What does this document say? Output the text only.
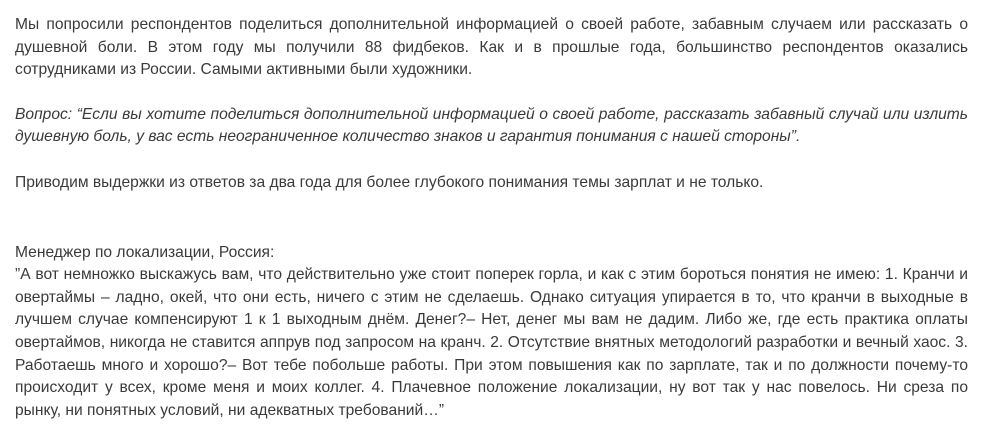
Мы попросили респондентов поделиться дополнительной информацией о своей работе, забавным случаем или рассказать о душевной боли. В этом году мы получили 88 фидбеков. Как и в прошлые года, большинство респондентов оказались сотрудниками из России. Самыми активными были художники.

Вопрос: “Если вы хотите поделиться дополнительной информацией о своей работе, рассказать забавный случай или излить душевную боль, у вас есть неограниченное количество знаков и гарантия понимания с нашей стороны”.

Приводим выдержки из ответов за два года для более глубокого понимания темы зарплат и не только.

Менеджер по локализации, Россия:

”А вот немножко выскажусь вам, что действительно уже стоит поперек горла, и как с этим бороться понятия не имею: 1. Кранчи и овертаймы – ладно, окей, что они есть, ничего с этим не сделаешь. Однако ситуация упирается в то, что кранчи в выходные в лучшем случае компенсируют 1 к 1 выходным днём. Денег?– Нет, денег мы вам не дадим. Либо же, где есть практика оплаты овертаймов, никогда не ставится аппрув под запросом на кранч. 2. Отсутствие внятных методологий разработки и вечный хаос. 3. Работаешь много и хорошо?– Вот тебе побольше работы. При этом повышения как по зарплате, так и по должности почему-то происходит у всех, кроме меня и моих коллег. 4. Плачевное положение локализации, ну вот так у нас повелось. Ни среза по рынку, ни понятных условий, ни адекватных требований…”
